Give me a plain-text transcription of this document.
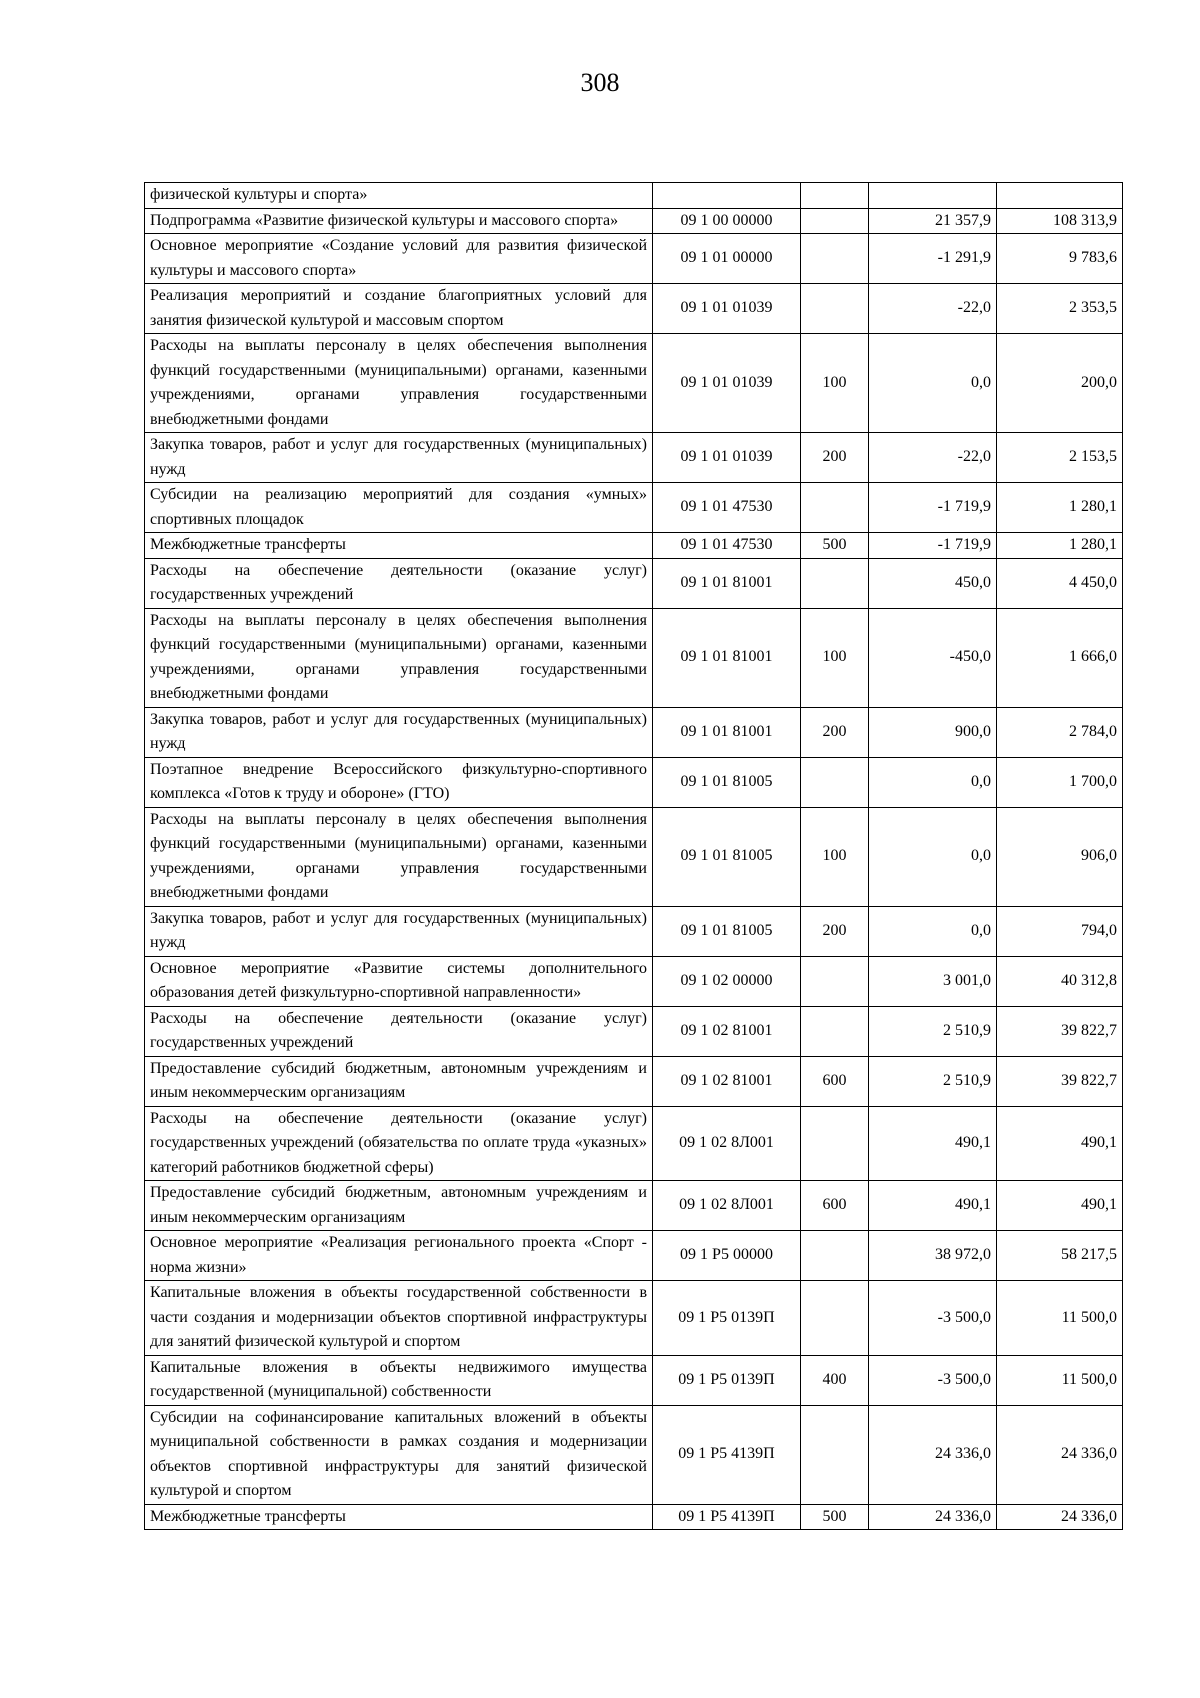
308
физической культуры и спорта»				
Подпрограмма «Развитие физической культуры и массового спорта»	09 1 00 00000		21 357,9	108 313,9
Основное мероприятие «Создание условий для развития физической культуры и массового спорта»	09 1 01 00000		-1 291,9	9 783,6
Реализация мероприятий и создание благоприятных условий для занятия физической культурой и массовым спортом	09 1 01 01039		-22,0	2 353,5
Расходы на выплаты персоналу в целях обеспечения выполнения функций государственными (муниципальными) органами, казенными учреждениями, органами управления государственными внебюджетными фондами	09 1 01 01039	100	0,0	200,0
Закупка товаров, работ и услуг для государственных (муниципальных) нужд	09 1 01 01039	200	-22,0	2 153,5
Субсидии на реализацию мероприятий для создания «умных» спортивных площадок	09 1 01 47530		-1 719,9	1 280,1
Межбюджетные трансферты	09 1 01 47530	500	-1 719,9	1 280,1
Расходы на обеспечение деятельности (оказание услуг) государственных учреждений	09 1 01 81001		450,0	4 450,0
Расходы на выплаты персоналу в целях обеспечения выполнения функций государственными (муниципальными) органами, казенными учреждениями, органами управления государственными внебюджетными фондами	09 1 01 81001	100	-450,0	1 666,0
Закупка товаров, работ и услуг для государственных (муниципальных) нужд	09 1 01 81001	200	900,0	2 784,0
Поэтапное внедрение Всероссийского физкультурно-спортивного комплекса «Готов к труду и обороне» (ГТО)	09 1 01 81005		0,0	1 700,0
Расходы на выплаты персоналу в целях обеспечения выполнения функций государственными (муниципальными) органами, казенными учреждениями, органами управления государственными внебюджетными фондами	09 1 01 81005	100	0,0	906,0
Закупка товаров, работ и услуг для государственных (муниципальных) нужд	09 1 01 81005	200	0,0	794,0
Основное мероприятие «Развитие системы дополнительного образования детей физкультурно-спортивной направленности»	09 1 02 00000		3 001,0	40 312,8
Расходы на обеспечение деятельности (оказание услуг) государственных учреждений	09 1 02 81001		2 510,9	39 822,7
Предоставление субсидий бюджетным, автономным учреждениям и иным некоммерческим организациям	09 1 02 81001	600	2 510,9	39 822,7
Расходы на обеспечение деятельности (оказание услуг) государственных учреждений (обязательства по оплате труда «указных» категорий работников бюджетной сферы)	09 1 02 8Л001		490,1	490,1
Предоставление субсидий бюджетным, автономным учреждениям и иным некоммерческим организациям	09 1 02 8Л001	600	490,1	490,1
Основное мероприятие «Реализация регионального проекта «Спорт - норма жизни»	09 1 P5 00000		38 972,0	58 217,5
Капитальные вложения в объекты государственной собственности в части создания и модернизации объектов спортивной инфраструктуры для занятий физической культурой и спортом	09 1 P5 0139П		-3 500,0	11 500,0
Капитальные вложения в объекты недвижимого имущества государственной (муниципальной) собственности	09 1 P5 0139П	400	-3 500,0	11 500,0
Субсидии на софинансирование капитальных вложений в объекты муниципальной собственности в рамках создания и модернизации объектов спортивной инфраструктуры для занятий физической культурой и спортом	09 1 P5 4139П		24 336,0	24 336,0
Межбюджетные трансферты	09 1 P5 4139П	500	24 336,0	24 336,0
